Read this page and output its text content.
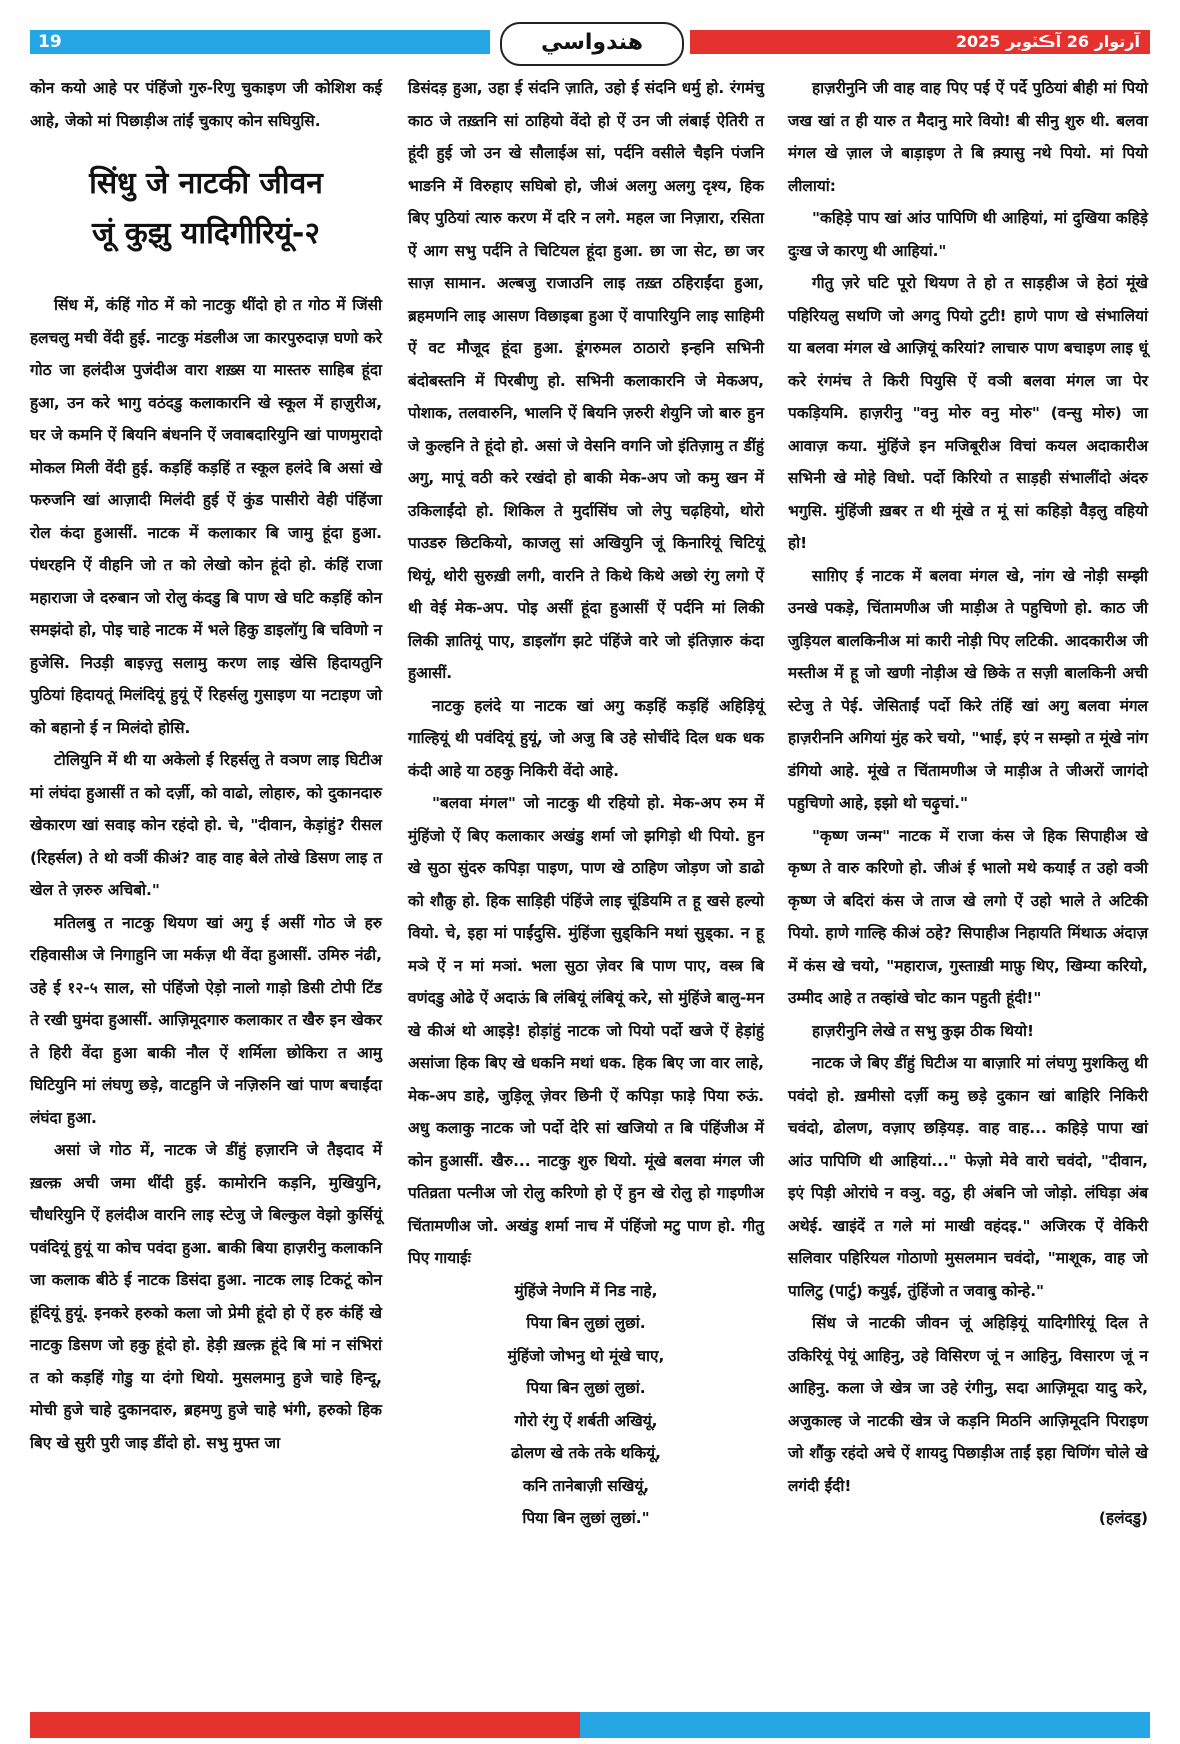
19	هندواسي	آرتوار 26 آڪٽوبر 2025

कोन कयो आहे पर पंहिंजो गुरु-रिणु चुकाइण जी कोशिश कई आहे, जेको मां पिछाड़ीअ तांईं चुकाए कोन सघियुसि.

सिंधु जे नाटकी जीवन
जूं कुझु यादिगीरियूं-२

सिंध में, कंहिं गोठ में को नाटकु थींदो हो त गोठ में जिंसी हलचलु मची वेंदी हुई. नाटकु मंडलीअ जा कारपुरुदाज़ घणो करे गोठ जा हलंदीअ पुजंदीअ वारा शख़्स या मास्तरु साहिब हूंदा हुआ, उन करे भागु वठंदडु कलाकारनि खे स्कूल में हाज़ुरीअ, घर जे कमनि ऐं बियनि बंधननि ऐं जवाबदारियुनि खां पाणमुरादो मोकल मिली वेंदी हुई. कड़हिं कड़हिं त स्कूल हलंदे बि असां खे फरुजनि खां आज़ादी मिलंदी हुई ऐं कुंड पासीरो वेही पंहिंजा रोल कंदा हुआसीं. नाटक में कलाकार बि जामु हूंदा हुआ. पंधरहनि ऐं वीहनि जो त को लेखो कोन हूंदो हो. कंहिं राजा महाराजा जे दरुबान जो रोलु कंदडु बि पाण खे घटि कड़हिं कोन समझंदो हो, पोइ चाहे नाटक में भले हिकु डाइलॉगु बि चविणो न हुजेसि. निउड़ी बाइज़्तु सलामु करण लाइ खेसि हिदायतुनि पुठियां हिदायतूं मिलंदियूं हुयूं ऐं रिहर्सलु गुसाइण या नटाइण जो को बहानो ई न मिलंदो होसि.

टोलियुनि में थी या अकेलो ई रिहर्सलु ते वञण लाइ घिटीअ मां लंघंदा हुआसीं त को दर्ज़ी, को वाढो, लोहारु, को दुकानदारु खेकारण खां सवाइ कोन रहंदो हो. चे, "दीवान, केड़ांहुं? रीसल (रिहर्सल) ते थो वञीं कीअं? वाह वाह बेले तोखे डिसण लाइ त खेल ते ज़रुरु अचिबो."

मतिलबु त नाटकु थियण खां अगु ई असीं गोठ जे हरु रहिवासीअ जे निगाहुनि जा मर्कज़ थी वेंदा हुआसीं. उमिरु नंढी, उहे ई १२-५ साल, सो पंहिंजो ऐड़ो नालो गाड़ो डिसी टोपी टिंड ते रखी घुमंदा हुआसीं. आज़िमूदगारु कलाकार त खैरु इन खेकर ते हिरी वेंदा हुआ बाकी नौल ऐं शर्मिला छोकिरा त आमु घिटियुनि मां लंघणु छड़े, वाटहुनि जे नज़िरुनि खां पाण बचाईंदा लंघंदा हुआ.

असां जे गोठ में, नाटक जे डींहुं हज़ारनि जे तैइदाद में ख़ल्क़ अची जमा थींदी हुई. कामोरनि कड़नि, मुखियुनि, चौधरियुनि ऐं हलंदीअ वारनि लाइ स्टेजु जे बिल्कुल वेझो कुर्सियूं पवंदियूं हुयूं या कोच पवंदा हुआ. बाकी बिया हाज़रीनु कलाकनि जा कलाक बीठे ई नाटक डिसंदा हुआ. नाटक लाइ टिकटूं कोन हूंदियूं हुयूं. इनकरे हरुको कला जो प्रेमी हूंदो हो ऐं हरु कंहिं खे नाटकु डिसण जो हकु हूंदो हो. हेड़ी ख़ल्क़ हूंदे बि मां न संभिरां त को कड़हिं गोडु या दंगो थियो. मुसलमानु हुजे चाहे हिन्दू, मोची हुजे चाहे दुकानदारु, ब्रहमणु हुजे चाहे भंगी, हरुको हिक बिए खे सुरी पुरी जाइ डींदो हो. सभु मुफ्त जा

डिसंदड़ हुआ, उहा ई संदनि ज़ाति, उहो ई संदनि धर्मु हो. रंगमंचु काठ जे तख़्तनि सां ठाहियो वेंदो हो ऐं उन जी लंबाई ऐतिरी त हूंदी हुई जो उन खे सौलाईअ सां, पर्दनि वसीले चैइनि पंजनि भाङनि में विरुहाए सघिबो हो, जीअं अलगु अलगु दृश्य, हिक बिए पुठियां त्यारु करण में दरि न लगे. महल जा निज़ारा, रसिता ऐं आग सभु पर्दनि ते चिटियल हूंदा हुआ. छा जा सेट, छा जर साज़ सामान. अल्बजु राजाउनि लाइ तख़्त ठहिराईंदा हुआ, ब्रहमणनि लाइ आसण विछाइबा हुआ ऐं वापारियुनि लाइ साहिमी ऐं वट मौजूद हूंदा हुआ. डूंगरुमल ठाठारो इन्हनि सभिनी बंदोबस्तनि में पिरबीणु हो. सभिनी कलाकारनि जे मेकअप, पोशाक, तलवारुनि, भालनि ऐं बियनि ज़रुरी शेयुनि जो बारु हुन जे कुल्हनि ते हूंदो हो. असां जे वेसनि वगनि जो इंतिज़ामु त डींहुं अगु, मापूं वठी करे रखंदो हो बाकी मेक-अप जो कमु खन में उकिलाईंदो हो. शिकिल ते मुर्दासिंघ जो लेपु चढ़हियो, थोरो पाउडरु छिटकियो, काजलु सां अखियुनि जूं किनारियूं चिटियूं थियूं, थोरी सुरुख़ी लगी, वारनि ते किथे किथे अछो रंगु लगो ऐं थी वेई मेक-अप. पोइ असीं हूंदा हुआसीं ऐं पर्दनि मां लिकी लिकी ज्ञातियूं पाए, डाइलॉग झटे पंहिंजे वारे जो इंतिज़ारु कंदा हुआसीं.

नाटकु हलंदे या नाटक खां अगु कड़हिं कड़हिं अहिड़ियूं गाल्हियूं थी पवंदियूं हुयूं, जो अजु बि उहे सोचींदे दिल धक धक कंदी आहे या ठहकु निकिरी वेंदो आहे.

"बलवा मंगल" जो नाटकु थी रहियो हो. मेक-अप रुम में मुंहिंजो ऐं बिए कलाकार अखंडु शर्मा जो झगिड़ो थी पियो. हुन खे सुठा सुंदरु कपिड़ा पाइण, पाण खे ठाहिण जोड़ण जो डाढो को शौक़ु हो. हिक साड़िही पंहिंजे लाइ चूंडियमि त हू खसे हल्यो वियो. चे, इहा मां पाईंदुसि. मुंहिंजा सुड्किनि मथां सुड्का. न हू मञे ऐं न मां मञां. भला सुठा ज़ेवर बि पाण पाए, वस्त्र बि वणंदडु ओढे ऐं अदाऊं बि लंबियूं लंबियूं करे, सो मुंहिंजे बालु-मन खे कीअं थो आइड़े! होड़ांहुं नाटक जो पियो पर्दो खजे ऐं हेड़ांहुं असांजा हिक बिए खे धकनि मथां धक. हिक बिए जा वार लाहे, मेक-अप डाहे, जुड़िलू ज़ेवर छिनी ऐं कपिड़ा फाड़े पिया रुऊं. अधु कलाकु नाटक जो पर्दो देरि सां खजियो त बि पंहिंजीअ में कोन हुआसीं. खैरु... नाटकु शुरु थियो. मूंखे बलवा मंगल जी पतिव्रता पत्नीअ जो रोलु करिणो हो ऐं हुन खे रोलु हो गाइणीअ चिंतामणीअ जो. अखंडु शर्मा नाच में पंहिंजो मटु पाण हो. गीतु पिए गायाईः

मुंहिंजे नेणनि में निड नाहे,
पिया बिन लुछां लुछां.
मुंहिंजो जोभनु थो मूंखे चाए,
पिया बिन लुछां लुछां.
गोरो रंगु ऐं शर्बती अखियूं,
ढोलण खे तके तके थकियूं,
कनि तानेबाज़ी सखियूं,
पिया बिन लुछां लुछां."

हाज़रीनुनि जी वाह वाह पिए पई ऐं पर्दे पुठियां बीही मां पियो जख खां त ही यारु त मैदानु मारे वियो! बी सीनु शुरु थी. बलवा मंगल खे ज़ाल जे बाड़ाइण ते बि क़्यासु नथे पियो. मां पियो लीलायां:

"कहिड़े पाप खां आंउ पापिणि थी आहियां, मां दुखिया कहिड़े दुःख जे कारणु थी आहियां."

गीतु ज़रे घटि पूरो थियण ते हो त साड़हीअ जे हेठां मूंखे पहिरियलु सथणि जो अगदु पियो टुटी! हाणे पाण खे संभालियां या बलवा मंगल खे आज़ियूं करियां? लाचारु पाण बचाइण लाइ धूं करे रंगमंच ते किरी पियुसि ऐं वञी बलवा मंगल जा पेर पकड़ियमि. हाज़रीनु "वनु मोरु वनु मोरु" (वन्सु मोरु) जा आवाज़ कया. मुंहिंजे इन मजिबूरीअ विचां कयल अदाकारीअ सभिनी खे मोहे विधो. पर्दो किरियो त साड़ही संभालींदो अंदरु भगुसि. मुंहिंजी ख़बर त थी मूंखे त मूं सां कहिड़ो वैड़लु वहियो हो!

साग़िए ई नाटक में बलवा मंगल खे, नांग खे नोड़ी सम्झी उनखे पकड़े, चिंतामणीअ जी माड़ीअ ते पहुचिणो हो. काठ जी जुड़ियल बालकिनीअ मां कारी नोड़ी पिए लटिकी. आदकारीअ जी मस्तीअ में हू जो खणी नोड़ीअ खे छिके त सज़ी बालकिनी अची स्टेजु ते पेई. जेसिताईं पर्दो किरे तंहिं खां अगु बलवा मंगल हाज़रीननि अगियां मुंह करे चयो, "भाई, इएं न सम्झो त मूंखे नांग डंगियो आहे. मूंखे त चिंतामणीअ जे माड़ीअ ते जीअरों जागंदो पहुचिणो आहे, इझो थो चढ़ुचां."

"कृष्ण जन्म" नाटक में राजा कंस जे हिक सिपाहीअ खे कृष्ण ते वारु करिणो हो. जीअं ई भालो मथे कयाईं त उहो वञी कृष्ण जे बदिरां कंस जे ताज खे लगो ऐं उहो भाले ते अटिकी पियो. हाणे गाल्हि कीअं ठहे? सिपाहीअ निहायति मिंथाऊ अंदाज़ में कंस खे चयो, "महाराज, गुस्ताख़ी माफ़ु थिए, खिम्या करियो, उम्मीद आहे त तव्हांखे चोट कान पहुती हूंदी!"

हाज़रीनुनि लेखे त सभु कुझ ठीक थियो!

नाटक जे बिए डींहुं घिटीअ या बाज़ारि मां लंघणु मुशकिलु थी पवंदो हो. ख़मीसो दर्ज़ी कमु छड़े दुकान खां बाहिरि निकिरी चवंदो, ढोलण, वज़ाए छड़ियड़. वाह वाह... कहिड़े पापा खां आंउ पापिणि थी आहियां..." फेज़ो मेवे वारो चवंदो, "दीवान, इएं पिड़ी ओरांघे न वञु. वठु, ही अंबनि जो जोड़ो. लंघिड़ा अंब अथेई. खाइंदें त गले मां माखी वहंदइ." अजिरक ऐं वेकिरी सलिवार पहिरियल गोठाणो मुसलमान चवंदो, "माशूक, वाह जो पालिटु (पार्टु) कयुई, तुंहिंजो त जवाबु कोन्हे."

सिंध जे नाटकी जीवन जूं अहिड़ियूं यादिगीरियूं दिल ते उकिरियूं पेयूं आहिनु, उहे विसिरण जूं न आहिनु, विसारण जूं न आहिनु. कला जे खेत्र जा उहे रंगीनु, सदा आज़िमूदा यादु करे, अजुकाल्ह जे नाटकी खेत्र जे कड़नि मिठनि आज़िमूदनि पिराइण जो शौंकु रहंदो अचे ऐं शायदु पिछाड़ीअ ताईं इहा चिणिंग चोले खे लगंदी ईंदी!

(हलंदडु)
